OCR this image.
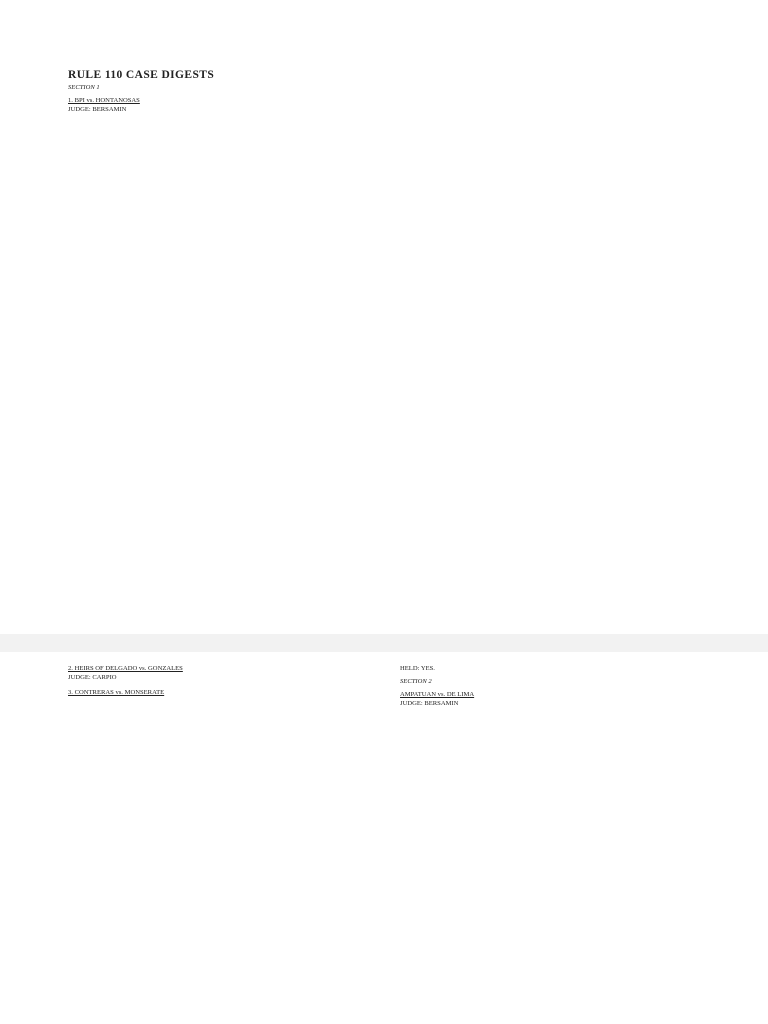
RULE 110 CASE DIGESTS
SECTION 1
1. BPI vs. HONTANOSAS
JUDGE: BERSAMIN

2. HEIRS OF DELGADO vs. GONZALES
JUDGE: CARPIO

3. CONTRERAS vs. MONSERATE

HELD: YES.

SECTION 2
AMPATUAN vs. DE LIMA
JUDGE: BERSAMIN
